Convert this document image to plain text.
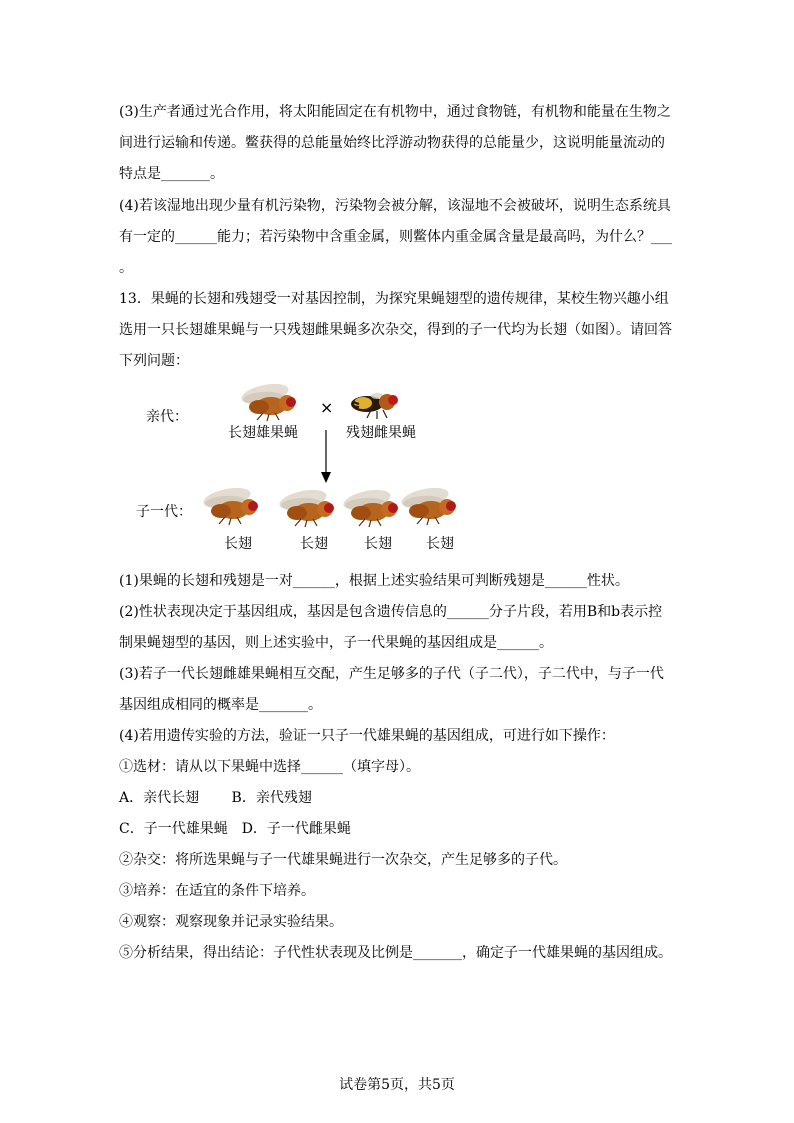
(3)生产者通过光合作用，将太阳能固定在有机物中，通过食物链，有机物和能量在生物之
间进行运输和传递。鳖获得的总能量始终比浮游动物获得的总能量少，这说明能量流动的
特点是_______。
(4)若该湿地出现少量有机污染物，污染物会被分解，该湿地不会被破坏，说明生态系统具
有一定的______能力；若污染物中含重金属，则鳖体内重金属含量是最高吗，为什么？___
。
13．果蝇的长翅和残翅受一对基因控制，为探究果蝇翅型的遗传规律，某校生物兴趣小组
选用一只长翅雄果蝇与一只残翅雌果蝇多次杂交，得到的子一代均为长翅（如图）。请回答
下列问题：
亲代：	×
长翅雄果蝇	残翅雌果蝇
子一代：
长翅	长翅	长翅 长翅
(1)果蝇的长翅和残翅是一对______，根据上述实验结果可判断残翅是______性状。
(2)性状表现决定于基因组成，基因是包含遗传信息的______分子片段，若用B和b表示控
制果蝇翅型的基因，则上述实验中，子一代果蝇的基因组成是______。
(3)若子一代长翅雌雄果蝇相互交配，产生足够多的子代（子二代），子二代中，与子一代
基因组成相同的概率是_______。
(4)若用遗传实验的方法，验证一只子一代雄果蝇的基因组成，可进行如下操作：
①选材：请从以下果蝇中选择______（填字母）。
A．亲代长翅　　 B．亲代残翅
C．子一代雄果蝇　D．子一代雌果蝇
②杂交：将所选果蝇与子一代雄果蝇进行一次杂交，产生足够多的子代。
③培养：在适宜的条件下培养。
④观察：观察现象并记录实验结果。
⑤分析结果，得出结论：子代性状表现及比例是_______，确定子一代雄果蝇的基因组成。
试卷第5页，共5页
